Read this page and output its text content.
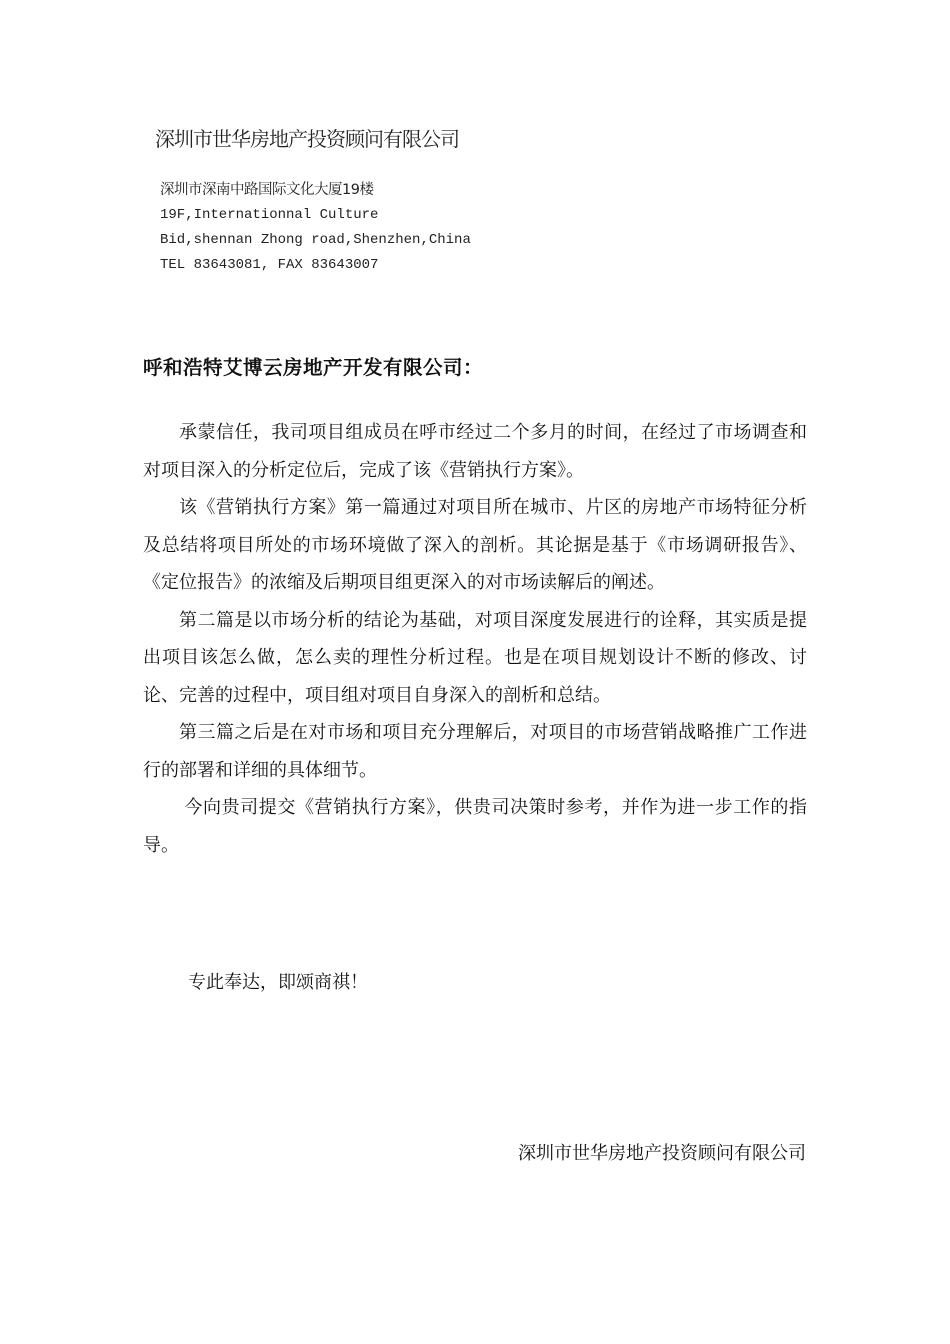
深圳市世华房地产投资顾问有限公司
深圳市深南中路国际文化大厦19楼
19F,Internationnal Culture
Bid,shennan Zhong road,Shenzhen,China
TEL 83643081, FAX 83643007
呼和浩特艾博云房地产开发有限公司：

承蒙信任，我司项目组成员在呼市经过二个多月的时间，在经过了市场调查和对项目深入的分析定位后，完成了该《营销执行方案》。

该《营销执行方案》第一篇通过对项目所在城市、片区的房地产市场特征分析及总结将项目所处的市场环境做了深入的剖析。其论据是基于《市场调研报告》、《定位报告》的浓缩及后期项目组更深入的对市场读解后的阐述。

第二篇是以市场分析的结论为基础，对项目深度发展进行的诠释，其实质是提出项目该怎么做，怎么卖的理性分析过程。也是在项目规划设计不断的修改、讨论、完善的过程中，项目组对项目自身深入的剖析和总结。

第三篇之后是在对市场和项目充分理解后，对项目的市场营销战略推广工作进行的部署和详细的具体细节。

今向贵司提交《营销执行方案》，供贵司决策时参考，并作为进一步工作的指导。

专此奉达，即颂商祺！
深圳市世华房地产投资顾问有限公司
